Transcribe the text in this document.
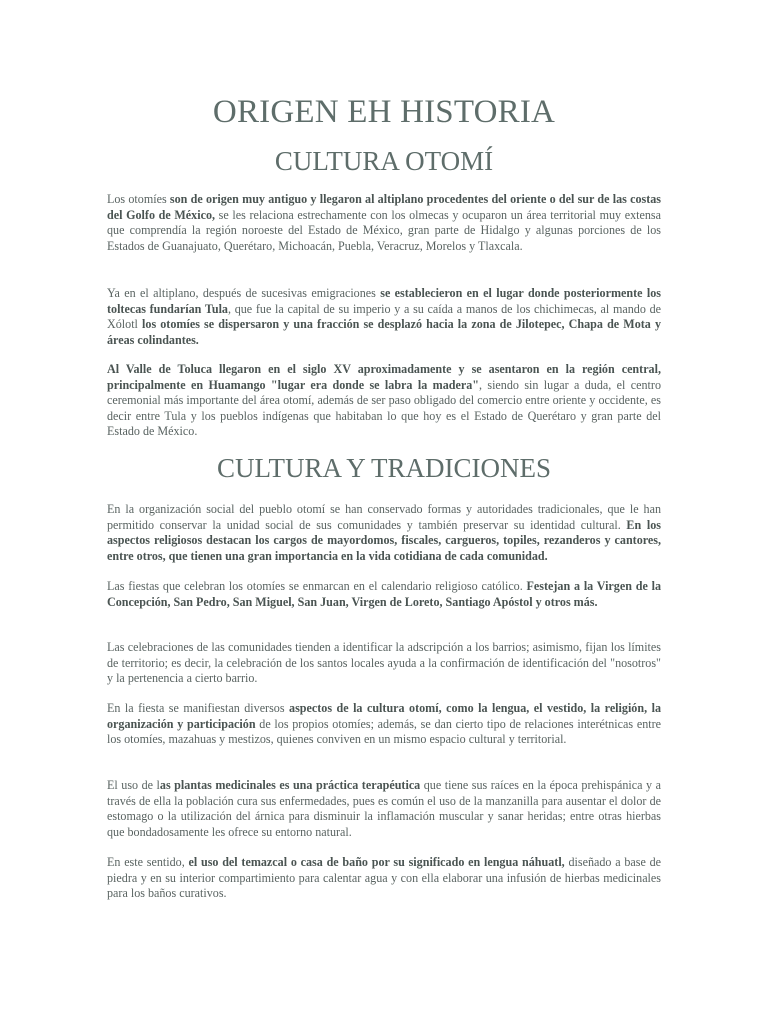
ORIGEN EH HISTORIA
CULTURA OTOMÍ

Los otomíes son de origen muy antiguo y llegaron al altiplano procedentes del oriente o del sur de las costas del Golfo de México, se les relaciona estrechamente con los olmecas y ocuparon un área territorial muy extensa que comprendía la región noroeste del Estado de México, gran parte de Hidalgo y algunas porciones de los Estados de Guanajuato, Querétaro, Michoacán, Puebla, Veracruz, Morelos y Tlaxcala.

Ya en el altiplano, después de sucesivas emigraciones se establecieron en el lugar donde posteriormente los toltecas fundarían Tula, que fue la capital de su imperio y a su caída a manos de los chichimecas, al mando de Xólotl los otomíes se dispersaron y una fracción se desplazó hacia la zona de Jilotepec, Chapa de Mota y áreas colindantes.

Al Valle de Toluca llegaron en el siglo XV aproximadamente y se asentaron en la región central, principalmente en Huamango "lugar era donde se labra la madera", siendo sin lugar a duda, el centro ceremonial más importante del área otomí, además de ser paso obligado del comercio entre oriente y occidente, es decir entre Tula y los pueblos indígenas que habitaban lo que hoy es el Estado de Querétaro y gran parte del Estado de México.

CULTURA Y TRADICIONES

En la organización social del pueblo otomí se han conservado formas y autoridades tradicionales, que le han permitido conservar la unidad social de sus comunidades y también preservar su identidad cultural. En los aspectos religiosos destacan los cargos de mayordomos, fiscales, cargueros, topiles, rezanderos y cantores, entre otros, que tienen una gran importancia en la vida cotidiana de cada comunidad.

Las fiestas que celebran los otomíes se enmarcan en el calendario religioso católico. Festejan a la Virgen de la Concepción, San Pedro, San Miguel, San Juan, Virgen de Loreto, Santiago Apóstol y otros más.

Las celebraciones de las comunidades tienden a identificar la adscripción a los barrios; asimismo, fijan los límites de territorio; es decir, la celebración de los santos locales ayuda a la confirmación de identificación del "nosotros" y la pertenencia a cierto barrio.

En la fiesta se manifiestan diversos aspectos de la cultura otomí, como la lengua, el vestido, la religión, la organización y participación de los propios otomíes; además, se dan cierto tipo de relaciones interétnicas entre los otomíes, mazahuas y mestizos, quienes conviven en un mismo espacio cultural y territorial.

El uso de las plantas medicinales es una práctica terapéutica que tiene sus raíces en la época prehispánica y a través de ella la población cura sus enfermedades, pues es común el uso de la manzanilla para ausentar el dolor de estomago o la utilización del árnica para disminuir la inflamación muscular y sanar heridas; entre otras hierbas que bondadosamente les ofrece su entorno natural.

En este sentido, el uso del temazcal o casa de baño por su significado en lengua náhuatl, diseñado a base de piedra y en su interior compartimiento para calentar agua y con ella elaborar una infusión de hierbas medicinales para los baños curativos.
